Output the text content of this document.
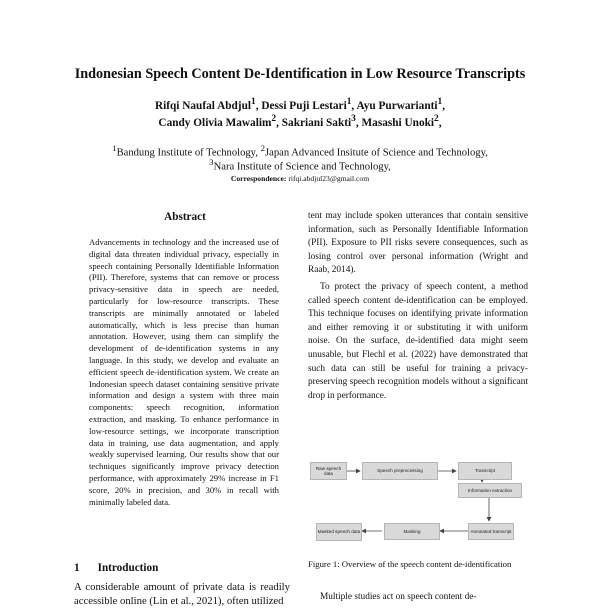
Indonesian Speech Content De-Identification in Low Resource Transcripts
Rifqi Naufal Abdjul$^1$, Dessi Puji Lestari$^1$, Ayu Purwarianti$^1$,
Candy Olivia Mawalim$^2$, Sakriani Sakti$^3$, Masashi Unoki$^2$,
$^1$Bandung Institute of Technology, $^2$Japan Advanced Insitute of Science and Technology,
$^3$Nara Institute of Science and Technology,
Correspondence: rifqi.abdjul23@gmail.com
Abstract
Advancements in technology and the increased use of digital data threaten individual privacy, especially in speech containing Personally Identifiable Information (PII). Therefore, systems that can remove or process privacy-sensitive data in speech are needed, particularly for low-resource transcripts. These transcripts are minimally annotated or labeled automatically, which is less precise than human annotation. However, using them can simplify the development of de-identification systems in any language. In this study, we develop and evaluate an efficient speech de-identification system. We create an Indonesian speech dataset containing sensitive private information and design a system with three main components: speech recognition, information extraction, and masking. To enhance performance in low-resource settings, we incorporate transcription data in training, use data augmentation, and apply weakly supervised learning. Our results show that our techniques significantly improve privacy detection performance, with approximately 29% increase in F1 score, 20% in precision, and 30% in recall with minimally labeled data.
1 Introduction
A considerable amount of private data is readily accessible online (Lin et al., 2021), often utilized
tent may include spoken utterances that contain sensitive information, such as Personally Identifiable Information (PII). Exposure to PII risks severe consequences, such as losing control over personal information (Wright and Raab, 2014).
To protect the privacy of speech content, a method called speech content de-identification can be employed. This technique focuses on identifying private information and either removing it or substituting it with uniform noise. On the surface, de-identified data might seem unusable, but Flechl et al. (2022) have demonstrated that such data can still be useful for training a privacy-preserving speech recognition models without a significant drop in performance.
Raw speech data
Speech preprocessing	Transcript
Information extraction
Annotated transcript
Masking
Masked speech data
Figure 1: Overview of the speech content de-identification
Multiple studies act on speech content de-
